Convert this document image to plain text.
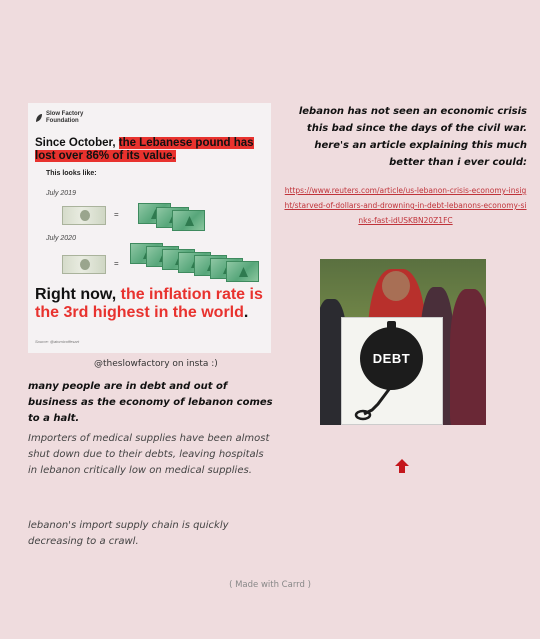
Slow Factory
Foundation
Since October, the Lebanese pound has lost over 86% of its value.
This looks like:
July 2019
=
July 2020
=
Right now, the inflation rate is the 3rd highest in the world.
Source: @atomicoffesart
@theslowfactory on insta :)

many people are in debt and out of business as the economy of lebanon comes to a halt.

Importers of medical supplies have been almost shut down due to their debts, leaving hospitals in lebanon critically low on medical supplies.

lebanon's import supply chain is quickly decreasing to a crawl.

lebanon has not seen an economic crisis this bad since the days of the civil war. here's an article explaining this much better than i ever could:

https://www.reuters.com/article/us-lebanon-crisis-economy-insight/starved-of-dollars-and-drowning-in-debt-lebanons-economy-sinks-fast-idUSKBN20Z1FC
DEBT
( Made with Carrd )
